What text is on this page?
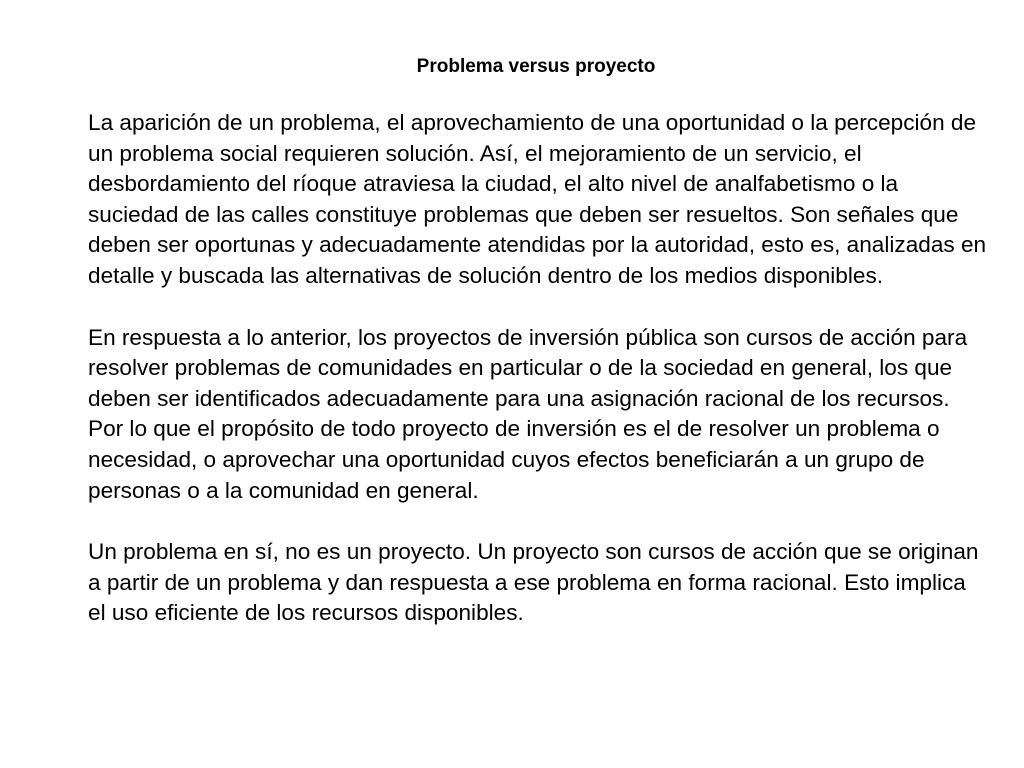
Problema versus proyecto

La aparición de un problema, el aprovechamiento de una oportunidad o la percepción de un problema social requieren solución. Así, el mejoramiento de un servicio, el desbordamiento del ríoque atraviesa la ciudad, el alto nivel de analfabetismo o la suciedad de las calles constituye problemas que deben ser resueltos. Son señales que deben ser oportunas y adecuadamente atendidas por la autoridad, esto es, analizadas en detalle y buscada las alternativas de solución dentro de los medios disponibles.

En respuesta a lo anterior, los proyectos de inversión pública son cursos de acción para resolver problemas de comunidades en particular o de la sociedad en general, los que deben ser identificados adecuadamente para una asignación racional de los recursos. Por lo que el propósito de todo proyecto de inversión es el de resolver un problema o necesidad, o aprovechar una oportunidad cuyos efectos beneficiarán a un grupo de personas o a la comunidad en general.

Un problema en sí, no es un proyecto. Un proyecto son cursos de acción que se originan a partir de un problema y dan respuesta a ese problema en forma racional. Esto implica el uso eficiente de los recursos disponibles.
